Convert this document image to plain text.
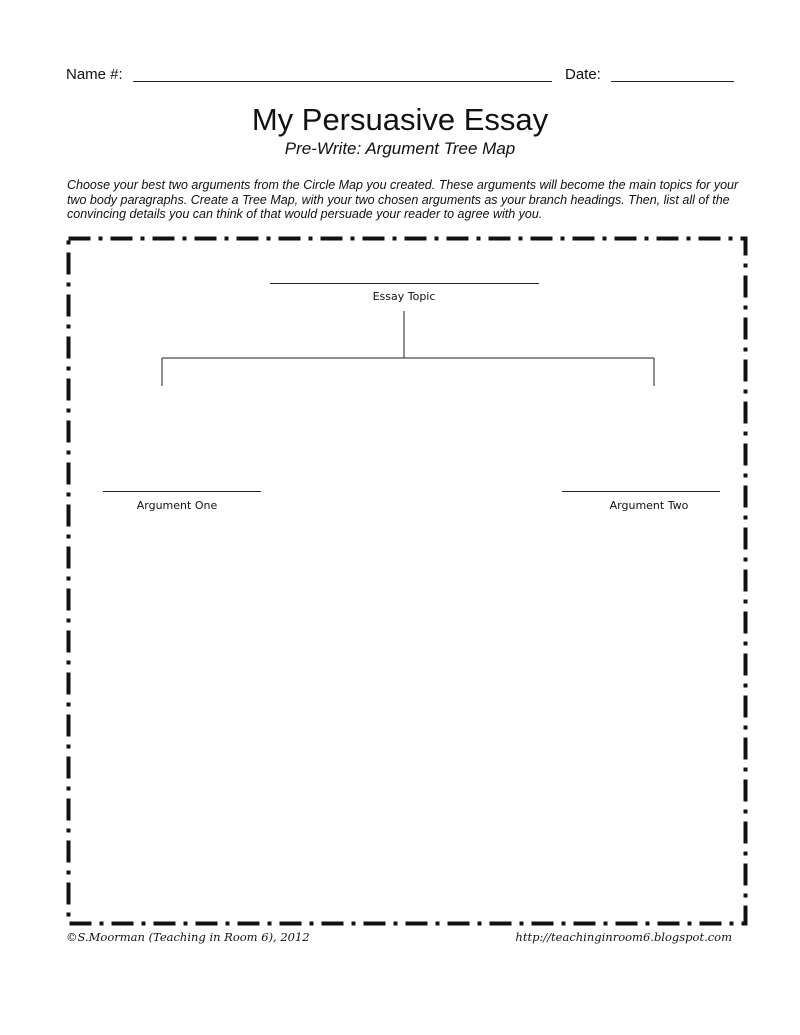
Name #:	Date:
My Persuasive Essay
Pre-Write: Argument Tree Map
Choose your best two arguments from the Circle Map you created. These arguments will become the main topics for your two body paragraphs. Create a Tree Map, with your two chosen arguments as your branch headings. Then, list all of the convincing details you can think of that would persuade your reader to agree with you.
Essay Topic
Argument One	Argument Two
©S.Moorman (Teaching in Room 6), 2012	http://teachinginroom6.blogspot.com
